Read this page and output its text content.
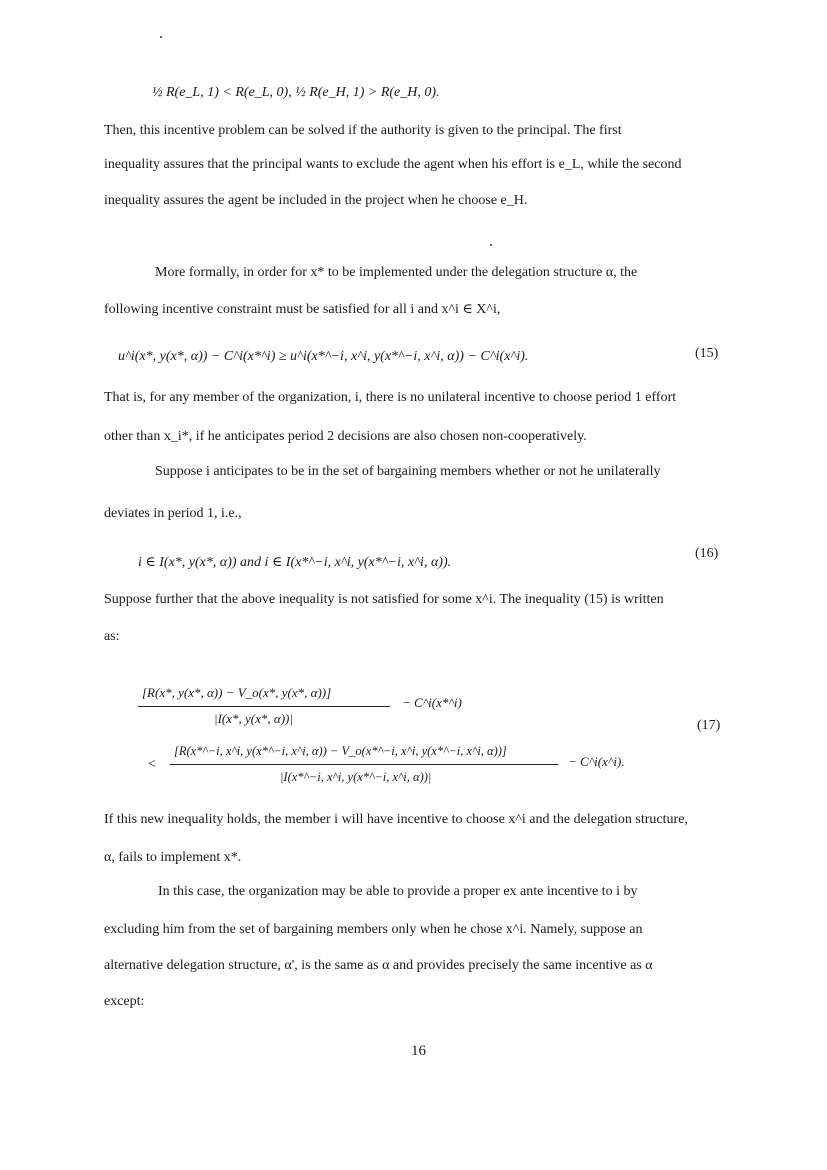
½ R(e_L, 1) < R(e_L, 0), ½ R(e_H, 1) > R(e_H, 0).
Then, this incentive problem can be solved if the authority is given to the principal. The first
inequality assures that the principal wants to exclude the agent when his effort is e_L, while the second
inequality assures the agent be included in the project when he choose e_H.
More formally, in order for x* to be implemented under the delegation structure α, the
following incentive constraint must be satisfied for all i and x^i ∈ X^i,
u^i(x*, y(x*, α)) − C^i(x*^i) ≥ u^i(x*^−i, x^i, y(x*^−i, x^i, α)) − C^i(x^i).	(15)
That is, for any member of the organization, i, there is no unilateral incentive to choose period 1 effort
other than x_i*, if he anticipates period 2 decisions are also chosen non-cooperatively.
Suppose i anticipates to be in the set of bargaining members whether or not he unilaterally
deviates in period 1, i.e.,
i ∈ I(x*, y(x*, α)) and i ∈ I(x*^−i, x^i, y(x*^−i, x^i, α)).
(16)
Suppose further that the above inequality is not satisfied for some x^i. The inequality (15) is written
as:
[R(x*, y(x*, α)) − V_o(x*, y(x*, α))]
|I(x*, y(x*, α))|
− C^i(x*^i)
(17)
<
[R(x*^−i, x^i, y(x*^−i, x^i, α)) − V_o(x*^−i, x^i, y(x*^−i, x^i, α))]
|I(x*^−i, x^i, y(x*^−i, x^i, α))|
− C^i(x^i).
If this new inequality holds, the member i will have incentive to choose x^i and the delegation structure,
α, fails to implement x*.
In this case, the organization may be able to provide a proper ex ante incentive to i by
excluding him from the set of bargaining members only when he chose x^i. Namely, suppose an
alternative delegation structure, α', is the same as α and provides precisely the same incentive as α
except:
16
